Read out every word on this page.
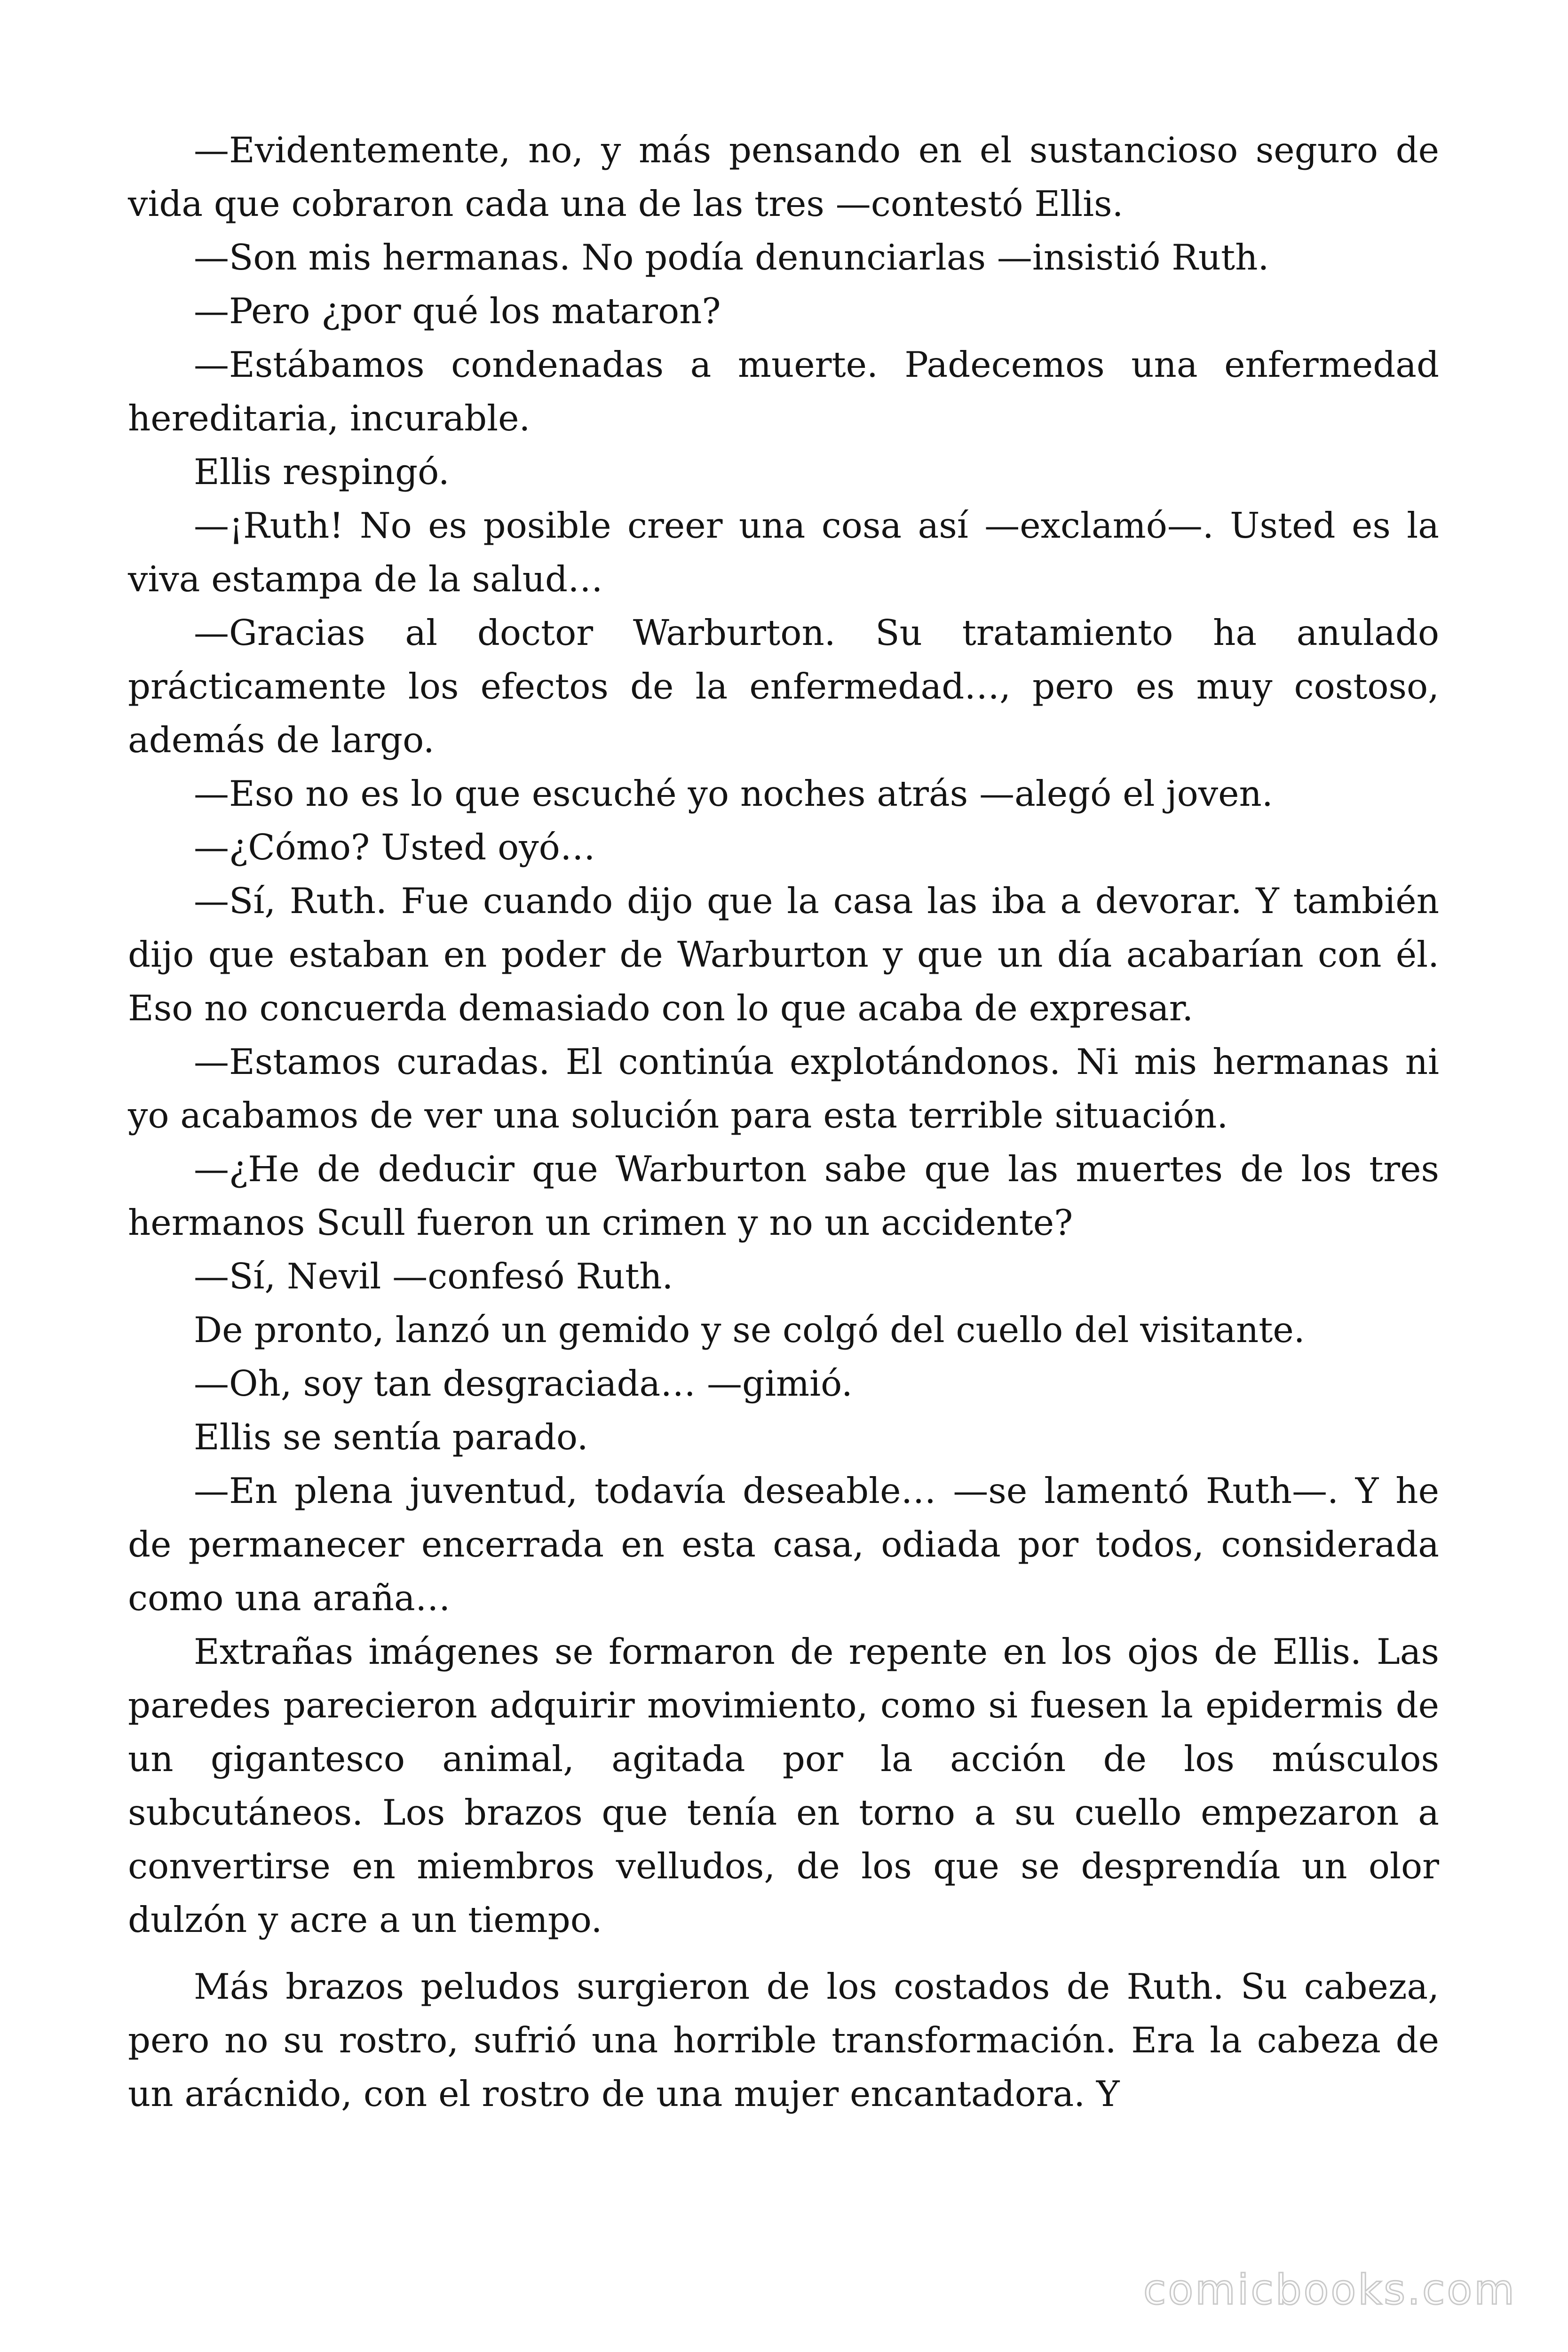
—Evidentemente, no, y más pensando en el sustancioso seguro de vida que cobraron cada una de las tres —contestó Ellis.

—Son mis hermanas. No podía denunciarlas —insistió Ruth.

—Pero ¿por qué los mataron?

—Estábamos condenadas a muerte. Padecemos una enfermedad hereditaria, incurable.

Ellis respingó.

—¡Ruth! No es posible creer una cosa así —exclamó—. Usted es la viva estampa de la salud…

—Gracias al doctor Warburton. Su tratamiento ha anulado prácticamente los efectos de la enfermedad…, pero es muy costoso, además de largo.

—Eso no es lo que escuché yo noches atrás —alegó el joven.

—¿Cómo? Usted oyó…

—Sí, Ruth. Fue cuando dijo que la casa las iba a devorar. Y también dijo que estaban en poder de Warburton y que un día acabarían con él. Eso no concuerda demasiado con lo que acaba de expresar.

—Estamos curadas. El continúa explotándonos. Ni mis hermanas ni yo acabamos de ver una solución para esta terrible situación.

—¿He de deducir que Warburton sabe que las muertes de los tres hermanos Scull fueron un crimen y no un accidente?

—Sí, Nevil —confesó Ruth.

De pronto, lanzó un gemido y se colgó del cuello del visitante.

—Oh, soy tan desgraciada… —gimió.

Ellis se sentía parado.

—En plena juventud, todavía deseable… —se lamentó Ruth—. Y he de permanecer encerrada en esta casa, odiada por todos, considerada como una araña…

Extrañas imágenes se formaron de repente en los ojos de Ellis. Las paredes parecieron adquirir movimiento, como si fuesen la epidermis de un gigantesco animal, agitada por la acción de los músculos subcutáneos. Los brazos que tenía en torno a su cuello empezaron a convertirse en miembros velludos, de los que se desprendía un olor dulzón y acre a un tiempo.

Más brazos peludos surgieron de los costados de Ruth. Su cabeza, pero no su rostro, sufrió una horrible transformación. Era la cabeza de un arácnido, con el rostro de una mujer encantadora. Y

comicbooks.com
